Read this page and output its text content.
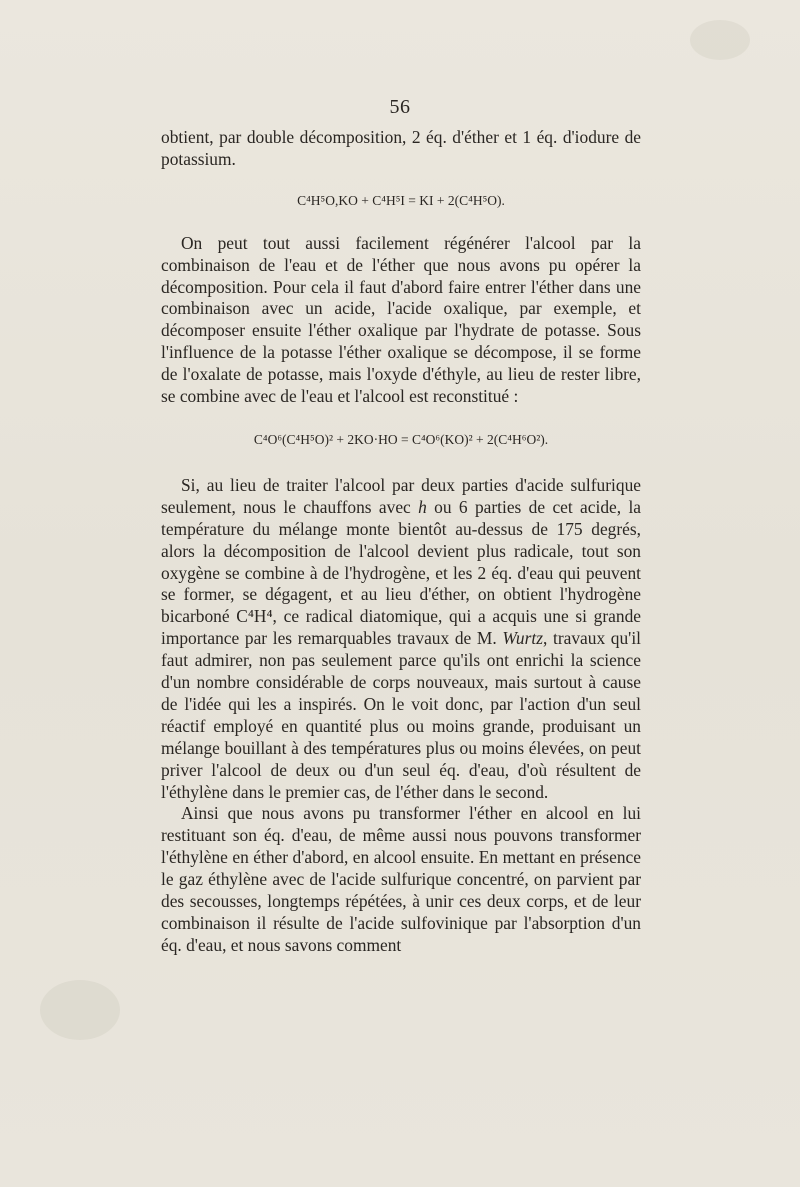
56

obtient, par double décomposition, 2 éq. d'éther et 1 éq. d'iodure de potassium.

C⁴H⁵O,KO + C⁴H⁵I = KI + 2(C⁴H⁵O).

On peut tout aussi facilement régénérer l'alcool par la combinaison de l'eau et de l'éther que nous avons pu opérer la décomposition. Pour cela il faut d'abord faire entrer l'éther dans une combinaison avec un acide, l'acide oxalique, par exemple, et décomposer ensuite l'éther oxalique par l'hydrate de potasse. Sous l'influence de la potasse l'éther oxalique se décompose, il se forme de l'oxalate de potasse, mais l'oxyde d'éthyle, au lieu de rester libre, se combine avec de l'eau et l'alcool est reconstitué :

C⁴O⁶(C⁴H⁵O)² + 2KO·HO = C⁴O⁶(KO)² + 2(C⁴H⁶O²).

Si, au lieu de traiter l'alcool par deux parties d'acide sulfurique seulement, nous le chauffons avec h ou 6 parties de cet acide, la température du mélange monte bientôt au-dessus de 175 degrés, alors la décomposition de l'alcool devient plus radicale, tout son oxygène se combine à de l'hydrogène, et les 2 éq. d'eau qui peuvent se former, se dégagent, et au lieu d'éther, on obtient l'hydrogène bicarboné C⁴H⁴, ce radical diatomique, qui a acquis une si grande importance par les remarquables travaux de M. Wurtz, travaux qu'il faut admirer, non pas seulement parce qu'ils ont enrichi la science d'un nombre considérable de corps nouveaux, mais surtout à cause de l'idée qui les a inspirés. On le voit donc, par l'action d'un seul réactif employé en quantité plus ou moins grande, produisant un mélange bouillant à des températures plus ou moins élevées, on peut priver l'alcool de deux ou d'un seul éq. d'eau, d'où résultent de l'éthylène dans le premier cas, de l'éther dans le second.

Ainsi que nous avons pu transformer l'éther en alcool en lui restituant son éq. d'eau, de même aussi nous pouvons transformer l'éthylène en éther d'abord, en alcool ensuite. En mettant en présence le gaz éthylène avec de l'acide sulfurique concentré, on parvient par des secousses, longtemps répétées, à unir ces deux corps, et de leur combinaison il résulte de l'acide sulfovinique par l'absorption d'un éq. d'eau, et nous savons comment
